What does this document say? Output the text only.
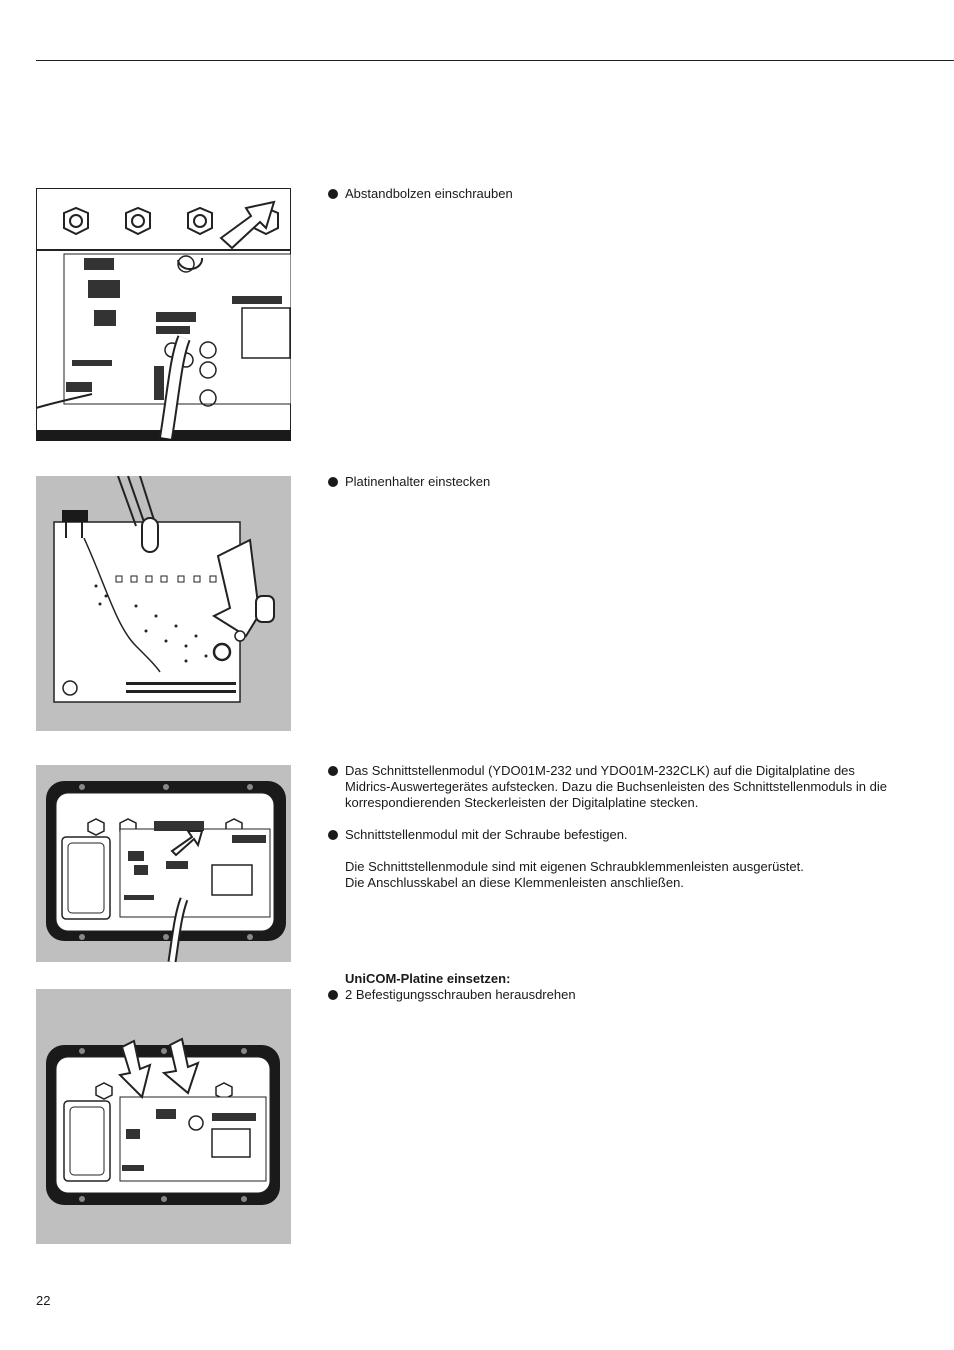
Abstandbolzen einschrauben

Platinenhalter einstecken

Das Schnittstellenmodul (YDO01M-232 und YDO01M-232CLK) auf die Digitalplatine des Midrics-Auswertegerätes aufstecken. Dazu die Buchsenleisten des Schnittstellenmoduls in die korrespondierenden Steckerleisten der Digitalplatine stecken.

Schnittstellenmodul mit der Schraube befestigen.

Die Schnittstellenmodule sind mit eigenen Schraubklemmenleisten ausgerüstet.

Die Anschlusskabel an diese Klemmenleisten anschließen.

UniCOM-Platine einsetzen:

2 Befestigungsschrauben herausdrehen

22
